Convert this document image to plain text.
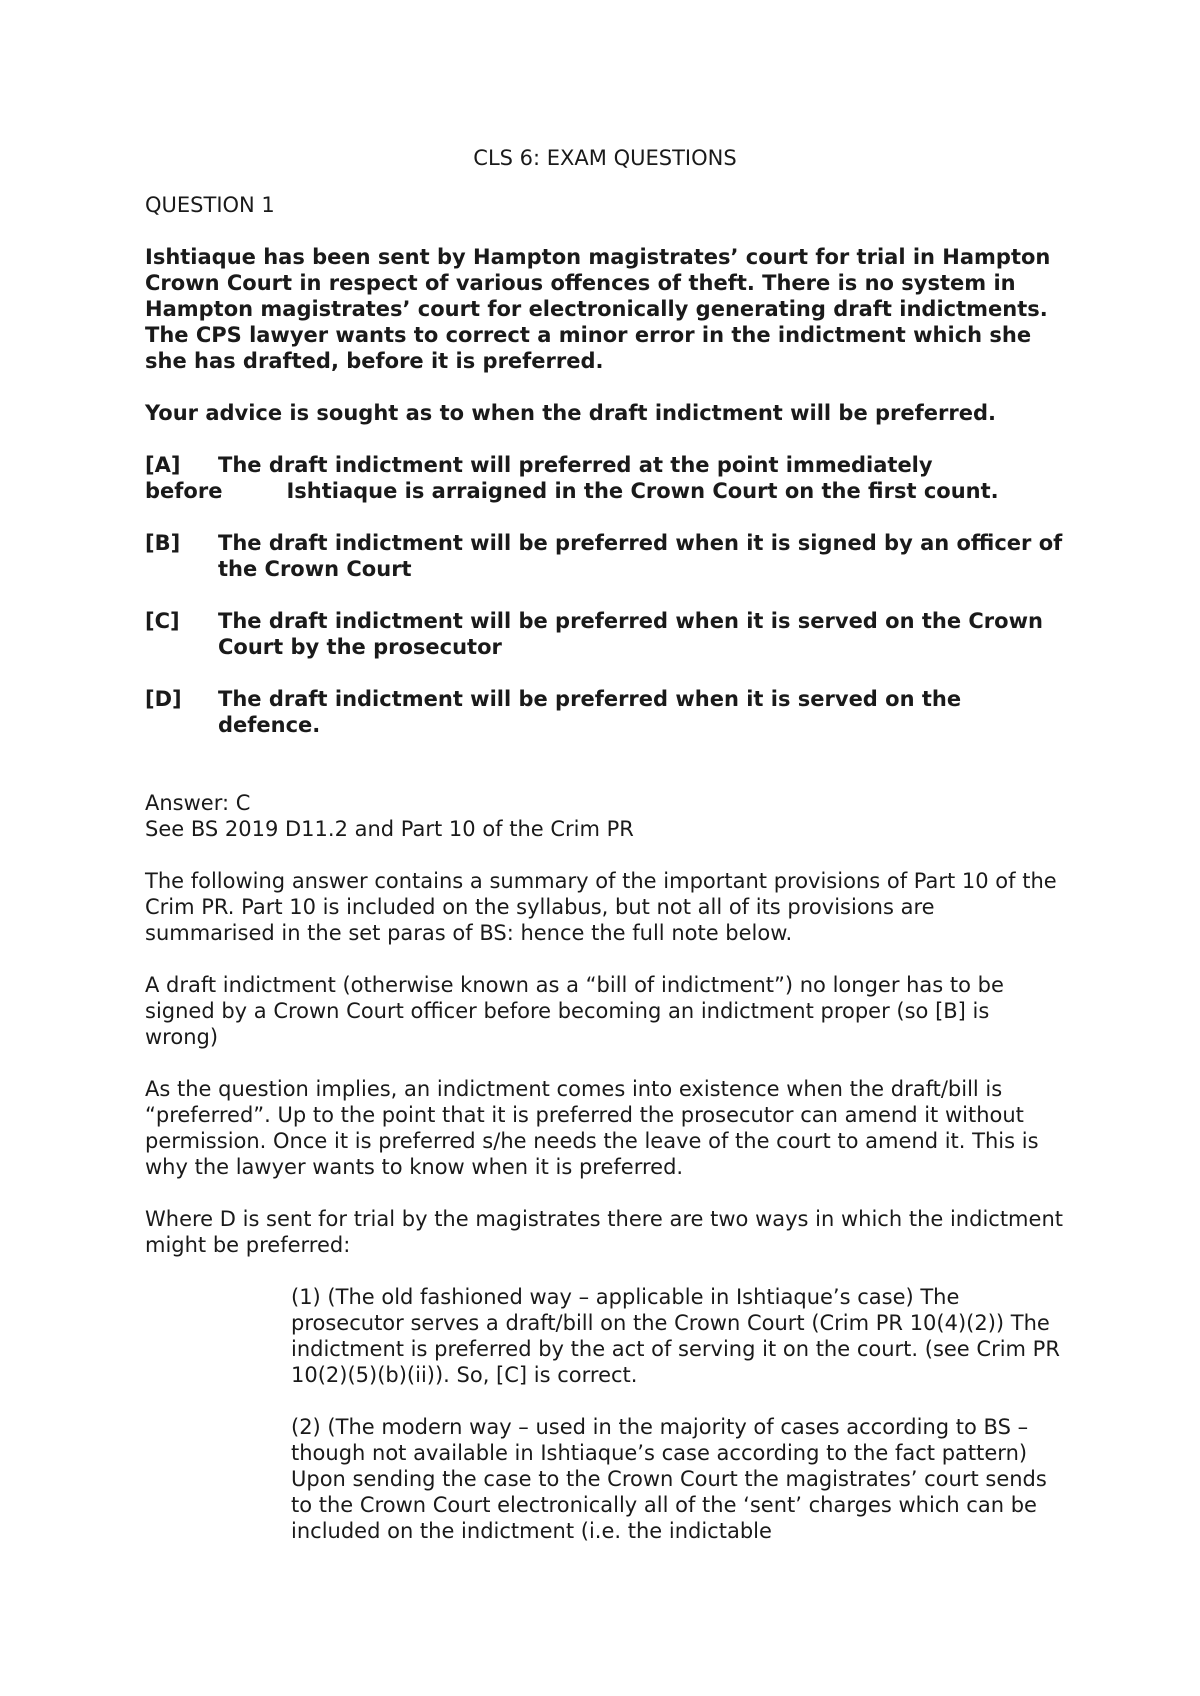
CLS 6: EXAM QUESTIONS
QUESTION 1

Ishtiaque has been sent by Hampton magistrates’ court for trial in Hampton Crown Court in respect of various offences of theft. There is no system in Hampton magistrates’ court for electronically generating draft indictments. The CPS lawyer wants to correct a minor error in the indictment which she she has drafted, before it is preferred.

Your advice is sought as to when the draft indictment will be preferred.

[A] The draft indictment will preferred at the point immediately
before	Ishtiaque is arraigned in the Crown Court on the first count.
[B] The draft indictment will be preferred when it is signed by an officer of the Crown Court
[C] The draft indictment will be preferred when it is served on the Crown Court by the prosecutor
[D] The draft indictment will be preferred when it is served on the defence.
Answer: C
See BS 2019 D11.2 and Part 10 of the Crim PR

The following answer contains a summary of the important provisions of Part 10 of the Crim PR. Part 10 is included on the syllabus, but not all of its provisions are summarised in the set paras of BS: hence the full note below.

A draft indictment (otherwise known as a “bill of indictment”) no longer has to be signed by a Crown Court officer before becoming an indictment proper (so [B] is wrong)

As the question implies, an indictment comes into existence when the draft/bill is “preferred”. Up to the point that it is preferred the prosecutor can amend it without permission. Once it is preferred s/he needs the leave of the court to amend it. This is why the lawyer wants to know when it is preferred.

Where D is sent for trial by the magistrates there are two ways in which the indictment might be preferred:

(1) (The old fashioned way – applicable in Ishtiaque’s case) The prosecutor serves a draft/bill on the Crown Court (Crim PR 10(4)(2)) The indictment is preferred by the act of serving it on the court. (see Crim PR 10(2)(5)(b)(ii)). So, [C] is correct.
(2) (The modern way – used in the majority of cases according to BS – though not available in Ishtiaque’s case according to the fact pattern) Upon sending the case to the Crown Court the magistrates’ court sends to the Crown Court electronically all of the ‘sent’ charges which can be included on the indictment (i.e. the indictable
